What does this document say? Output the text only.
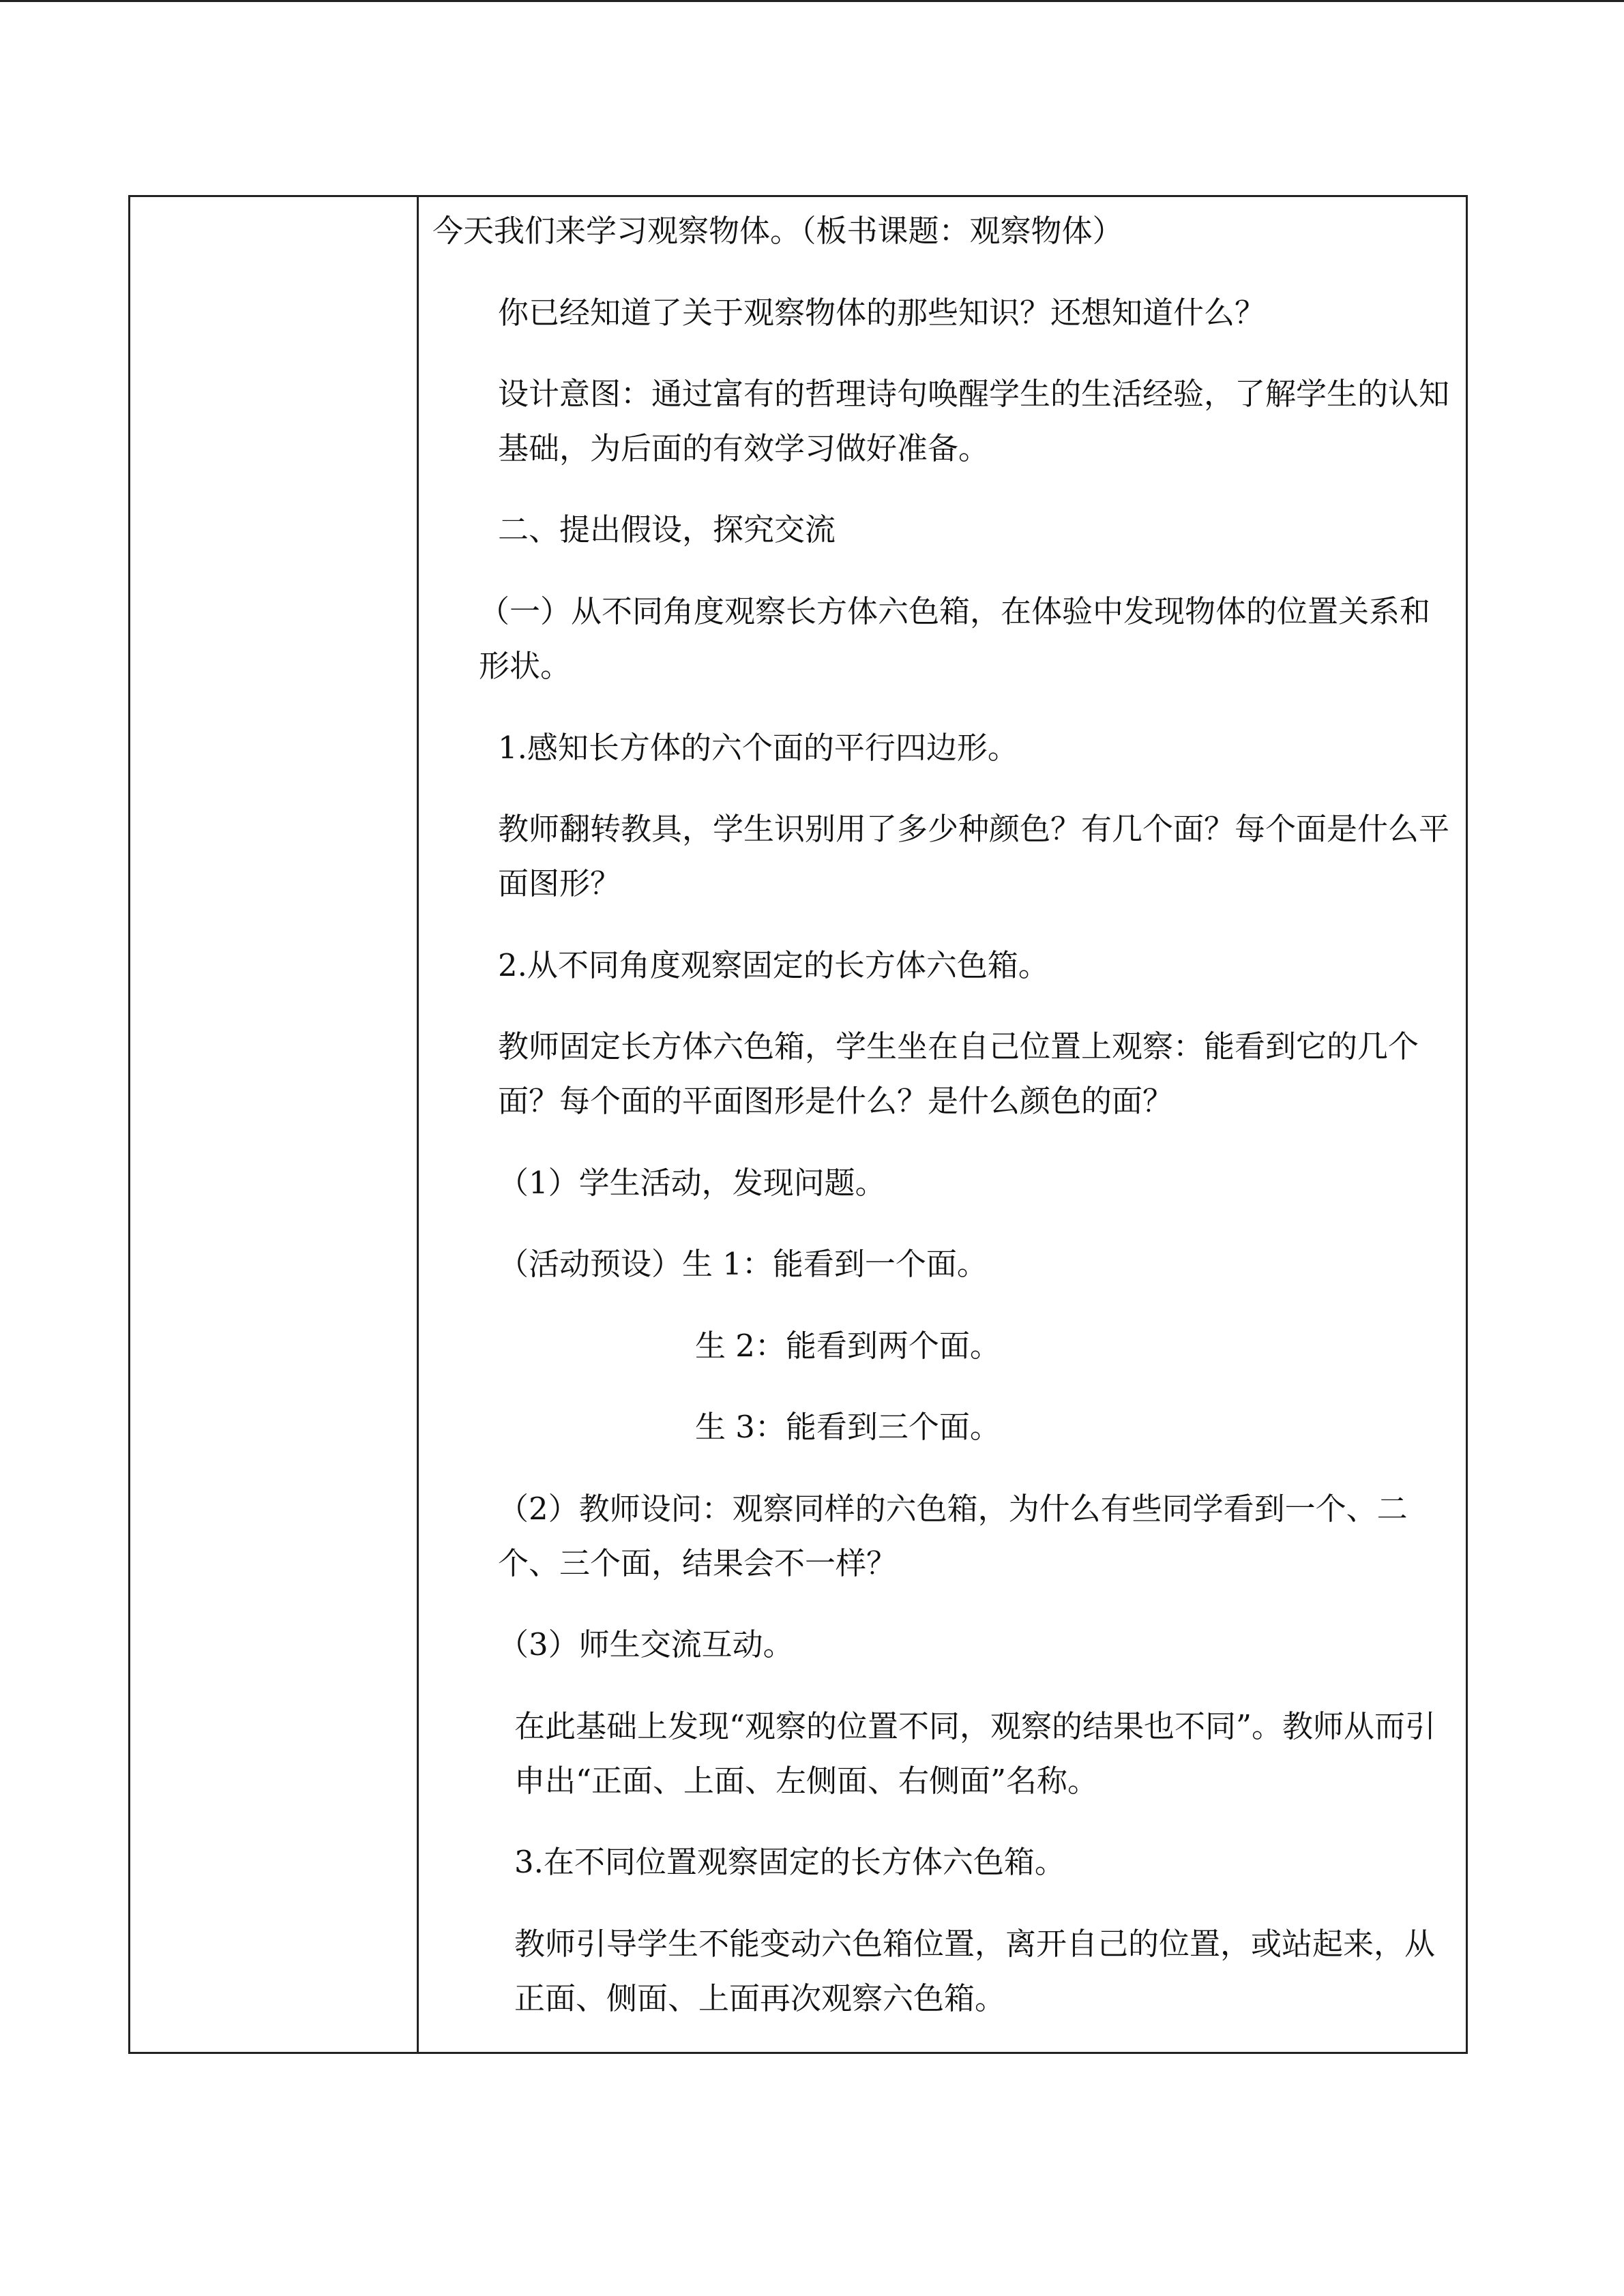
今天我们来学习观察物体。（板书课题：观察物体）
你已经知道了关于观察物体的那些知识？还想知道什么？
设计意图：通过富有的哲理诗句唤醒学生的生活经验，了解学生的认知基础，为后面的有效学习做好准备。
二、提出假设，探究交流
（一）从不同角度观察长方体六色箱，在体验中发现物体的位置关系和形状。
1.感知长方体的六个面的平行四边形。
教师翻转教具，学生识别用了多少种颜色？有几个面？每个面是什么平面图形？
2.从不同角度观察固定的长方体六色箱。
教师固定长方体六色箱，学生坐在自己位置上观察：能看到它的几个面？每个面的平面图形是什么？是什么颜色的面？
（1）学生活动，发现问题。
（活动预设）生 1：能看到一个面。
生 2：能看到两个面。
生 3：能看到三个面。
（2）教师设问：观察同样的六色箱，为什么有些同学看到一个、二个、三个面，结果会不一样？
（3）师生交流互动。
在此基础上发现“观察的位置不同，观察的结果也不同”。教师从而引申出“正面、上面、左侧面、右侧面”名称。
3.在不同位置观察固定的长方体六色箱。
教师引导学生不能变动六色箱位置，离开自己的位置，或站起来，从正面、侧面、上面再次观察六色箱。
